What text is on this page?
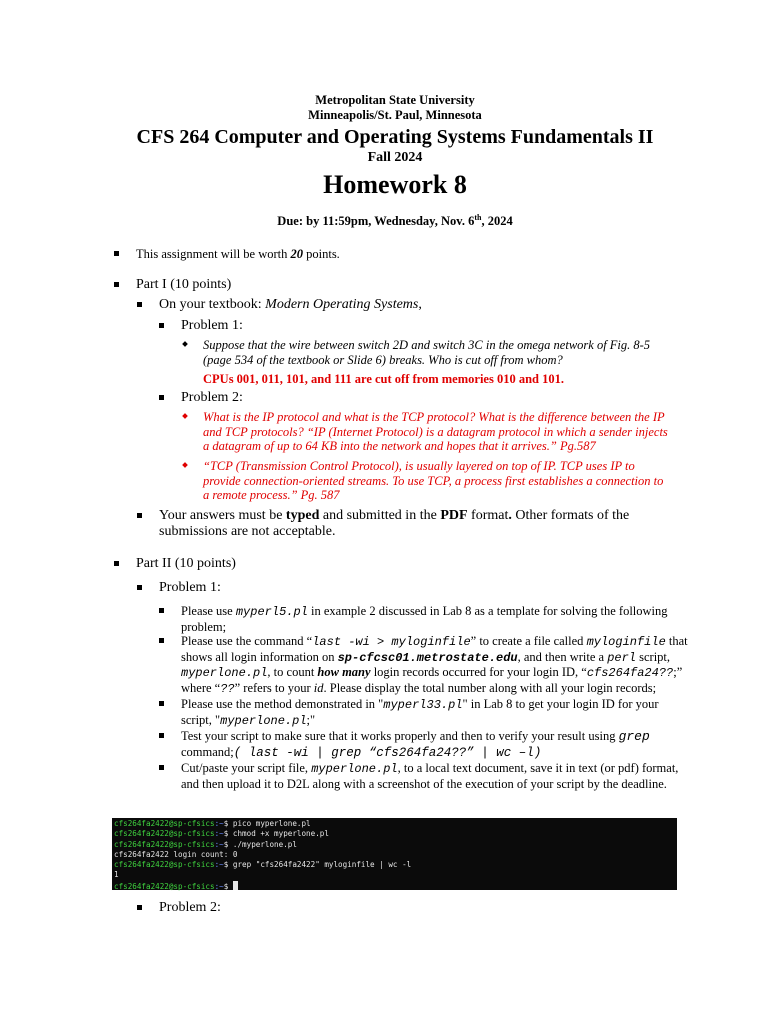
Metropolitan State University
Minneapolis/St. Paul, Minnesota
CFS 264 Computer and Operating Systems Fundamentals II
Fall 2024
Homework 8
Due: by 11:59pm, Wednesday, Nov. 6th, 2024
This assignment will be worth 20 points.
Part I (10 points)
On your textbook: Modern Operating Systems,
Problem 1:
Suppose that the wire between switch 2D and switch 3C in the omega network of Fig. 8-5
(page 534 of the textbook or Slide 6) breaks. Who is cut off from whom?
CPUs 001, 011, 101, and 111 are cut off from memories 010 and 101.
Problem 2:
What is the IP protocol and what is the TCP protocol? What is the difference between the IP
and TCP protocols? “IP (Internet Protocol) is a datagram protocol in which a sender injects
a datagram of up to 64 KB into the network and hopes that it arrives.” Pg.587
“TCP (Transmission Control Protocol), is usually layered on top of IP. TCP uses IP to
provide connection-oriented streams. To use TCP, a process first establishes a connection to
a remote process.” Pg. 587
Your answers must be typed and submitted in the PDF format. Other formats of the
submissions are not acceptable.
Part II (10 points)
Problem 1:
Please use myperl5.pl in example 2 discussed in Lab 8 as a template for solving the following
problem;
Please use the command “last -wi > myloginfile” to create a file called myloginfile that
shows all login information on sp-cfcsc01.metrostate.edu, and then write a perl script,
myperlone.pl, to count how many login records occurred for your login ID, “cfs264fa24??;”
where “??” refers to your id. Please display the total number along with all your login records;
Please use the method demonstrated in "myperl33.pl" in Lab 8 to get your login ID for your
script, "myperlone.pl;"
Test your script to make sure that it works properly and then to verify your result using grep
command;( last -wi | grep “cfs264fa24??” | wc –l)
Cut/paste your script file, myperlone.pl, to a local text document, save it in text (or pdf) format,
and then upload it to D2L along with a screenshot of the execution of your script by the deadline.
cfs264fa2422@sp-cfsics:~$ pico myperlone.pl
cfs264fa2422@sp-cfsics:~$ chmod +x myperlone.pl
cfs264fa2422@sp-cfsics:~$ ./myperlone.pl
cfs264fa2422 login count: 0
cfs264fa2422@sp-cfsics:~$ grep "cfs264fa2422" myloginfile | wc -l
1
cfs264fa2422@sp-cfsics:~$
Problem 2:
